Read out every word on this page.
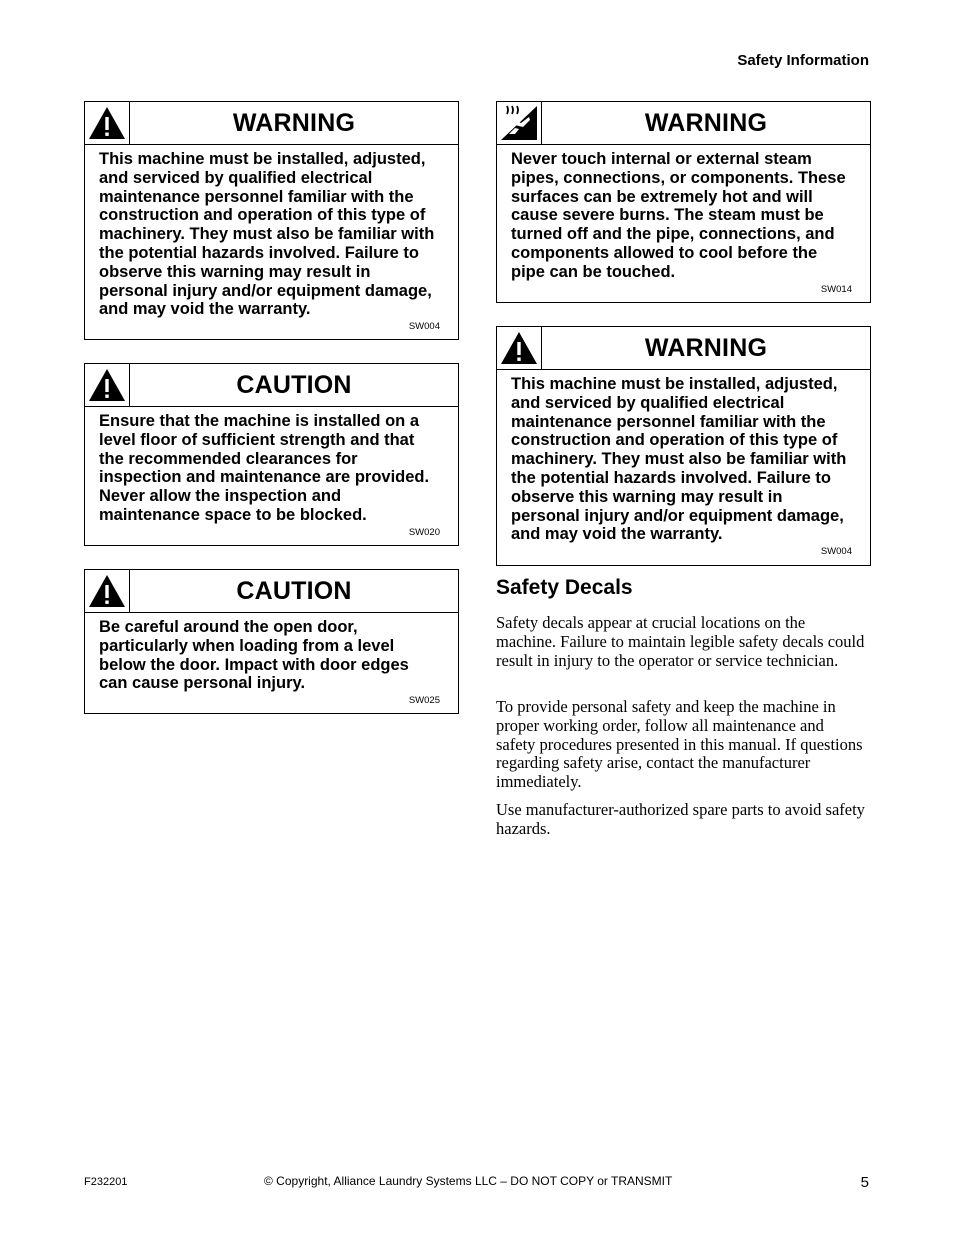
Safety Information
WARNING
This machine must be installed, adjusted, and serviced by qualified electrical maintenance personnel familiar with the construction and operation of this type of machinery. They must also be familiar with the potential hazards involved. Failure to observe this warning may result in personal injury and/or equipment damage, and may void the warranty.
SW004
CAUTION
Ensure that the machine is installed on a level floor of sufficient strength and that the recommended clearances for inspection and maintenance are provided. Never allow the inspection and maintenance space to be blocked.
SW020
CAUTION
Be careful around the open door, particularly when loading from a level below the door. Impact with door edges can cause personal injury.
SW025
WARNING
Never touch internal or external steam pipes, connections, or components. These surfaces can be extremely hot and will cause severe burns. The steam must be turned off and the pipe, connections, and components allowed to cool before the pipe can be touched.
SW014
WARNING
This machine must be installed, adjusted, and serviced by qualified electrical maintenance personnel familiar with the construction and operation of this type of machinery. They must also be familiar with the potential hazards involved. Failure to observe this warning may result in personal injury and/or equipment damage, and may void the warranty.
SW004
Safety Decals
Safety decals appear at crucial locations on the machine. Failure to maintain legible safety decals could result in injury to the operator or service technician.
To provide personal safety and keep the machine in proper working order, follow all maintenance and safety procedures presented in this manual. If questions regarding safety arise, contact the manufacturer immediately.
Use manufacturer-authorized spare parts to avoid safety hazards.
F232201	© Copyright, Alliance Laundry Systems LLC – DO NOT COPY or TRANSMIT	5
